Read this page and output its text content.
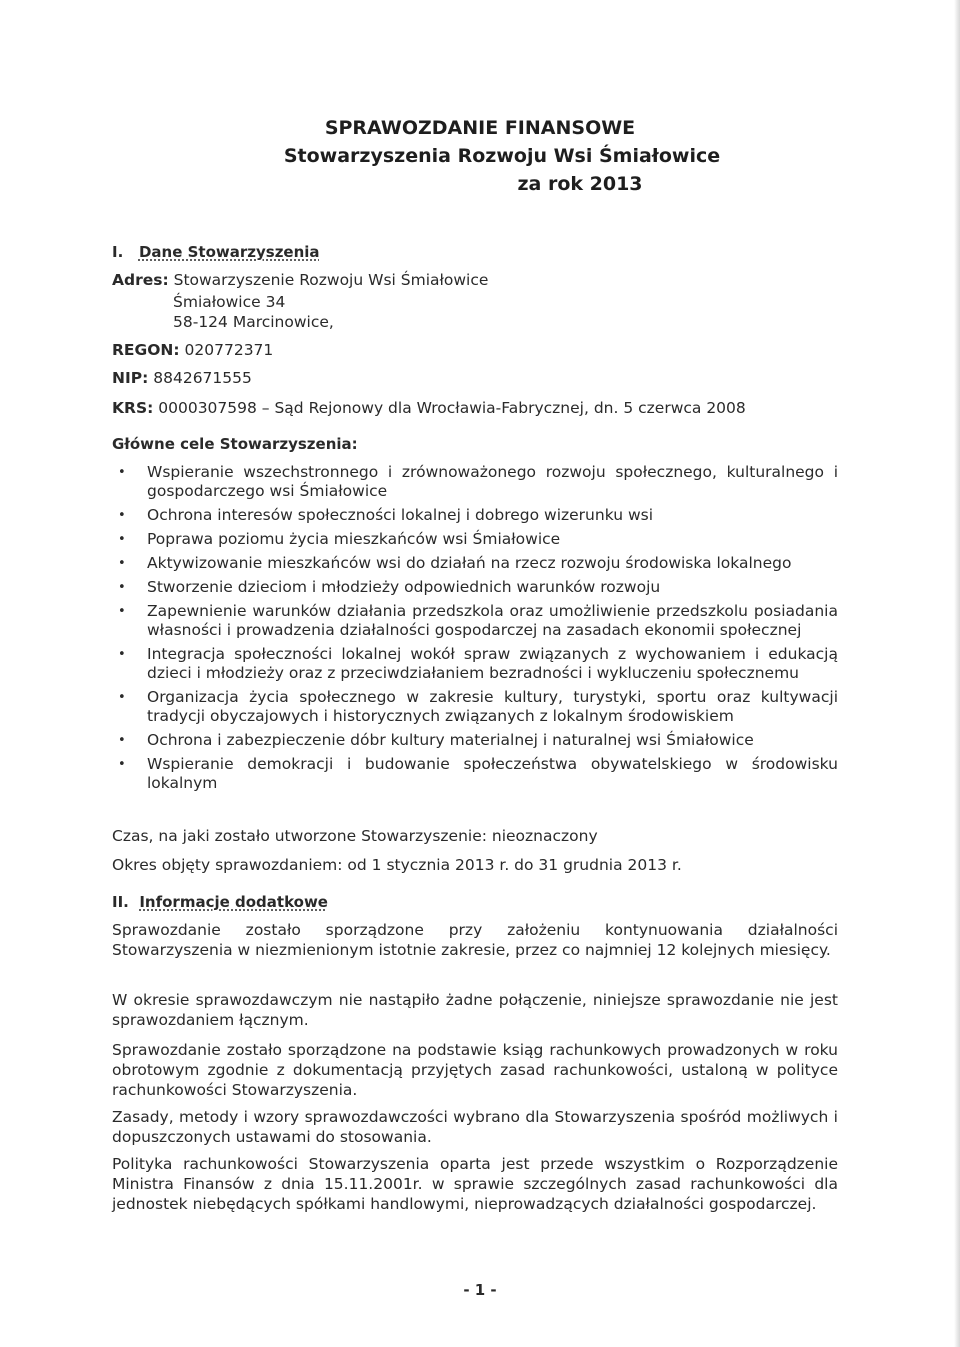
SPRAWOZDANIE FINANSOWE
Stowarzyszenia Rozwoju Wsi Śmiałowice
za rok 2013
I. Dane Stowarzyszenia
Adres: Stowarzyszenie Rozwoju Wsi Śmiałowice
Śmiałowice 34
58-124 Marcinowice,
REGON: 020772371
NIP: 8842671555
KRS: 0000307598 – Sąd Rejonowy dla Wrocławia-Fabrycznej, dn. 5 czerwca 2008
Główne cele Stowarzyszenia:
• Wspieranie wszechstronnego i zrównoważonego rozwoju społecznego, kulturalnego i gospodarczego wsi Śmiałowice
• Ochrona interesów społeczności lokalnej i dobrego wizerunku wsi
• Poprawa poziomu życia mieszkańców wsi Śmiałowice
• Aktywizowanie mieszkańców wsi do działań na rzecz rozwoju środowiska lokalnego
• Stworzenie dzieciom i młodzieży odpowiednich warunków rozwoju
• Zapewnienie warunków działania przedszkola oraz umożliwienie przedszkolu posiadania własności i prowadzenia działalności gospodarczej na zasadach ekonomii społecznej
• Integracja społeczności lokalnej wokół spraw związanych z wychowaniem i edukacją dzieci i młodzieży oraz z przeciwdziałaniem bezradności i wykluczeniu społecznemu
• Organizacja życia społecznego w zakresie kultury, turystyki, sportu oraz kultywacji tradycji obyczajowych i historycznych związanych z lokalnym środowiskiem
• Ochrona i zabezpieczenie dóbr kultury materialnej i naturalnej wsi Śmiałowice
• Wspieranie demokracji i budowanie społeczeństwa obywatelskiego w środowisku lokalnym
Czas, na jaki zostało utworzone Stowarzyszenie: nieoznaczony
Okres objęty sprawozdaniem: od 1 stycznia 2013 r. do 31 grudnia 2013 r.
II. Informacje dodatkowe

Sprawozdanie zostało sporządzone przy założeniu kontynuowania działalności Stowarzyszenia w niezmienionym istotnie zakresie, przez co najmniej 12 kolejnych miesięcy.

W okresie sprawozdawczym nie nastąpiło żadne połączenie, niniejsze sprawozdanie nie jest sprawozdaniem łącznym.

Sprawozdanie zostało sporządzone na podstawie ksiąg rachunkowych prowadzonych w roku obrotowym zgodnie z dokumentacją przyjętych zasad rachunkowości, ustaloną w polityce rachunkowości Stowarzyszenia.

Zasady, metody i wzory sprawozdawczości wybrano dla Stowarzyszenia spośród możliwych i dopuszczonych ustawami do stosowania.

Polityka rachunkowości Stowarzyszenia oparta jest przede wszystkim o Rozporządzenie Ministra Finansów z dnia 15.11.2001r. w sprawie szczególnych zasad rachunkowości dla jednostek niebędących spółkami handlowymi, nieprowadzących działalności gospodarczej.

- 1 -
